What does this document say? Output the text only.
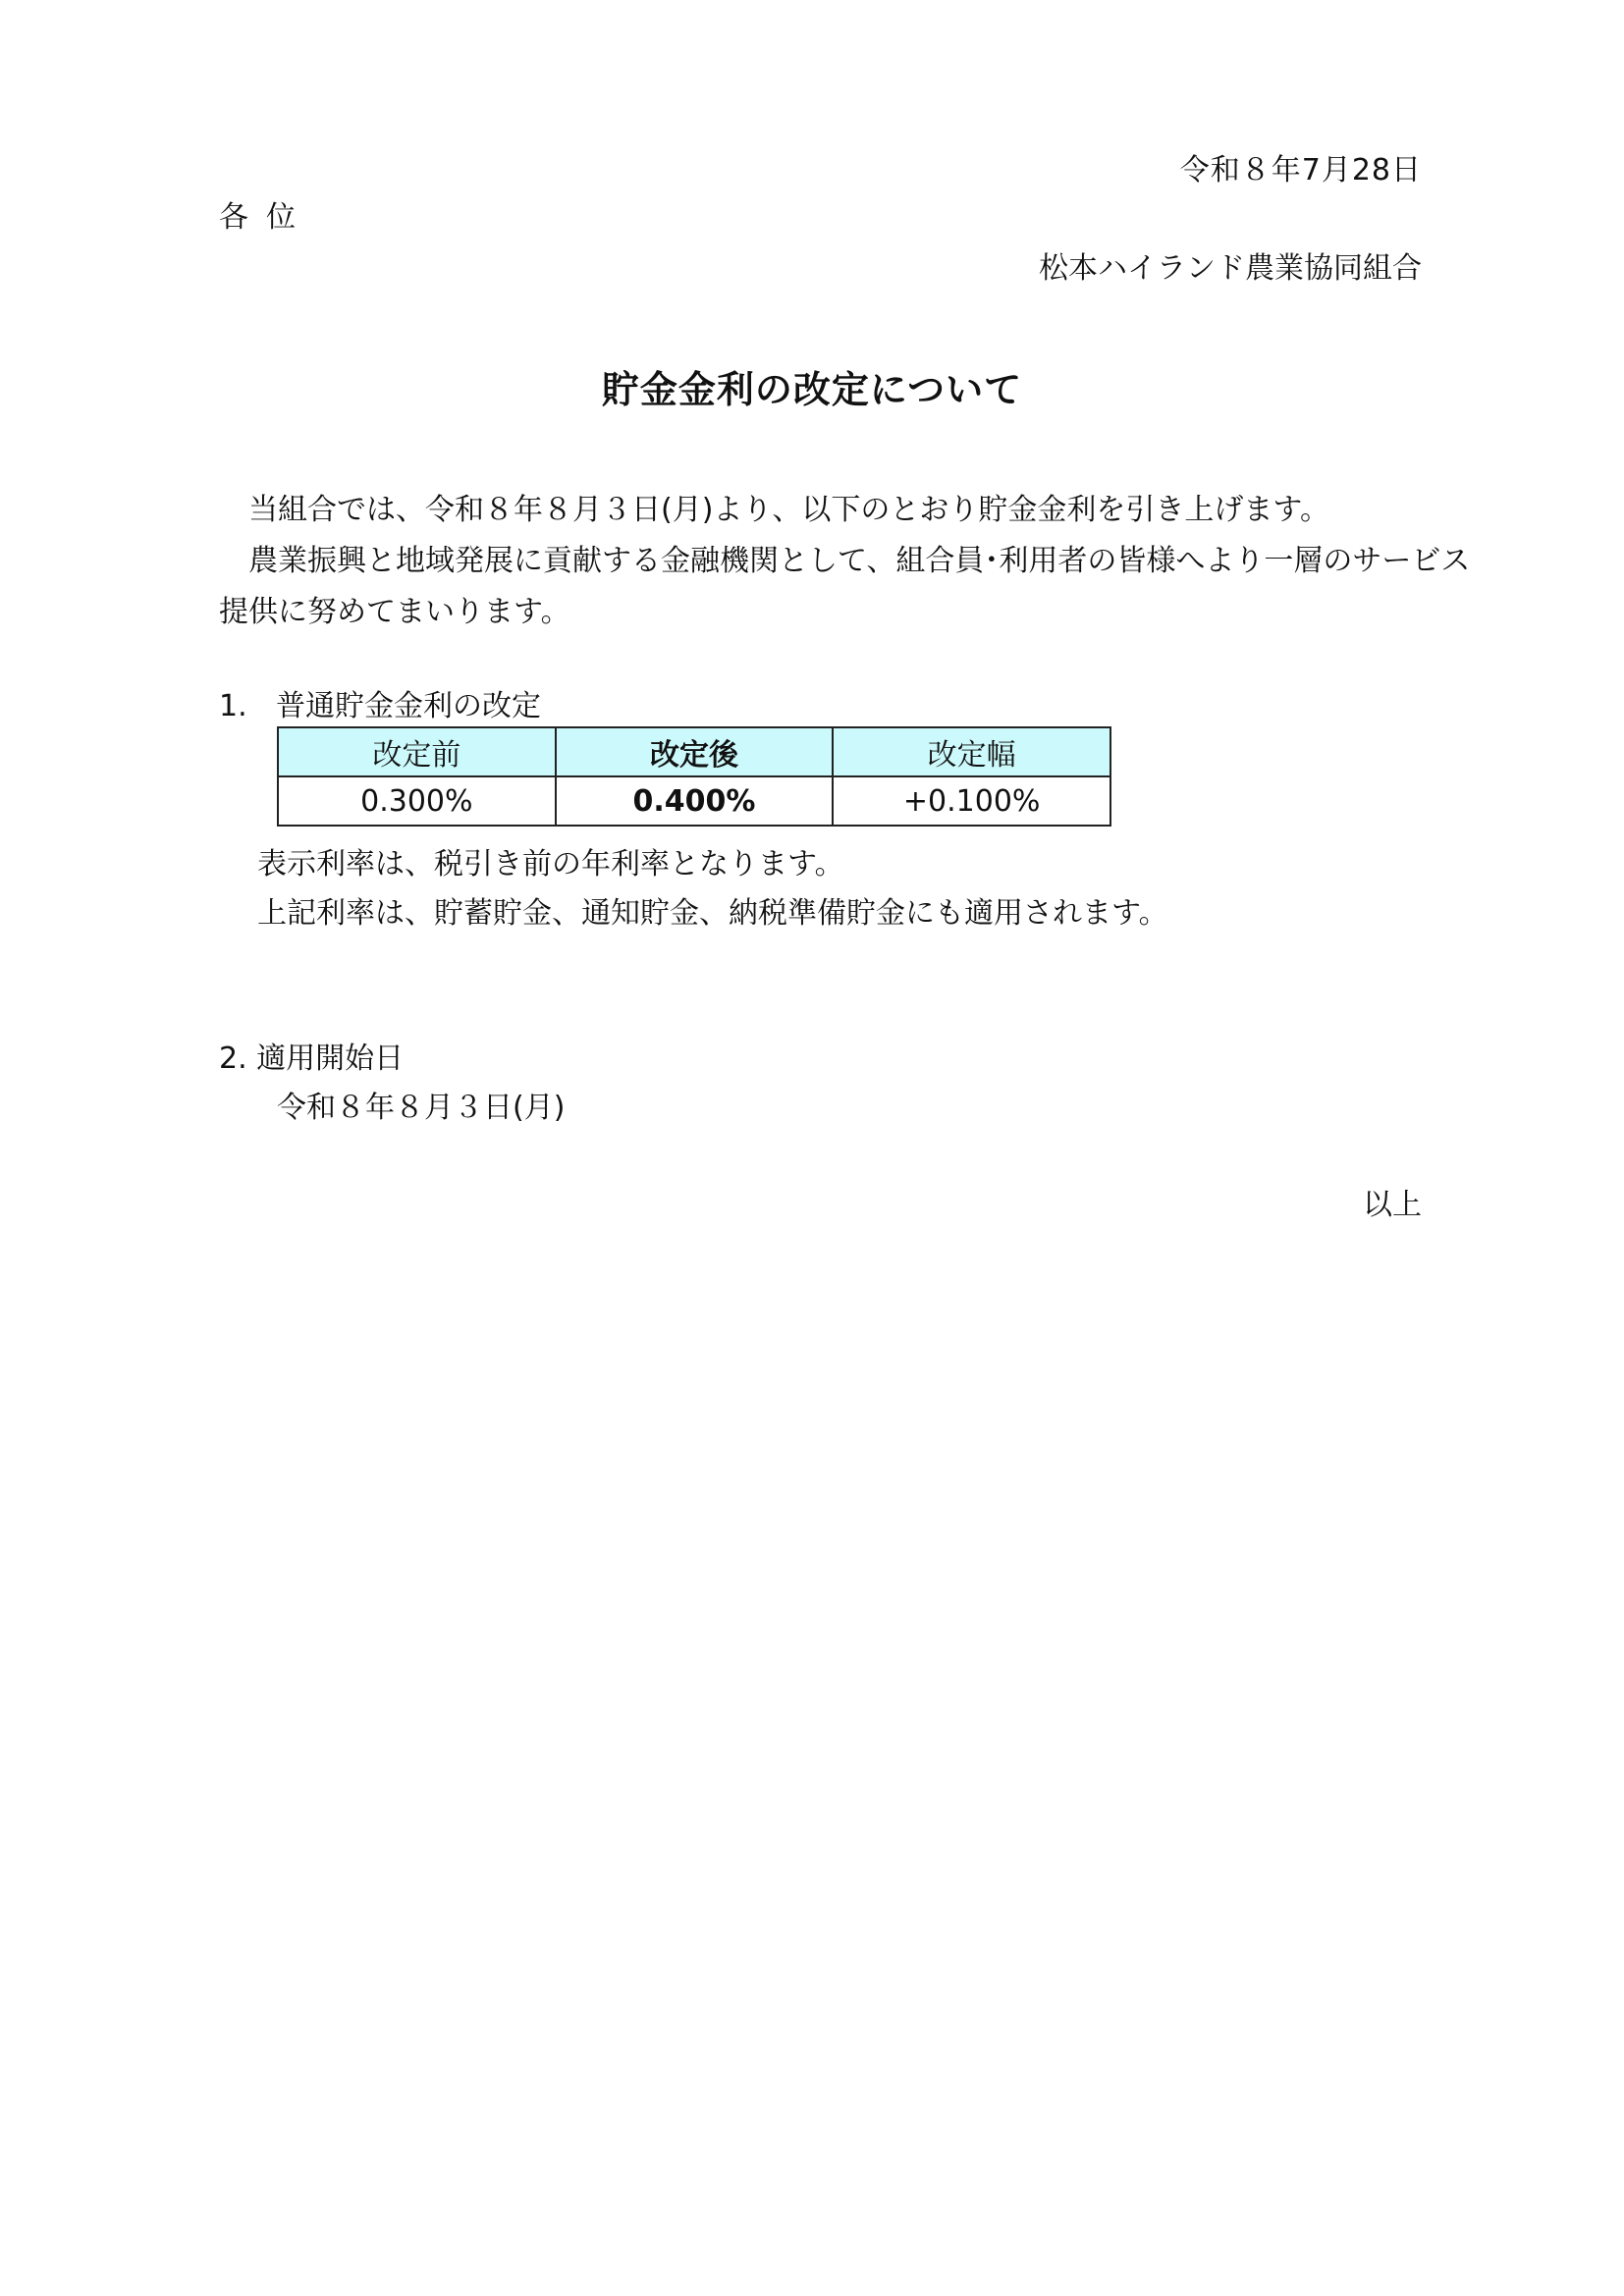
令和８年7月28日
各位
松本ハイランド農業協同組合
貯金金利の改定について

当組合では、令和８年８月３日(月)より、以下のとおり貯金金利を引き上げます。

農業振興と地域発展に貢献する金融機関として、組合員･利用者の皆様へより一層のサービス

提供に努めてまいります。

1. 普通貯金金利の改定
改定前	改定後	改定幅
0.300%	0.400%	+0.100%
表示利率は、税引き前の年利率となります。
上記利率は、貯蓄貯金、通知貯金、納税準備貯金にも適用されます。
2. 適用開始日
令和８年８月３日(月)
以上
